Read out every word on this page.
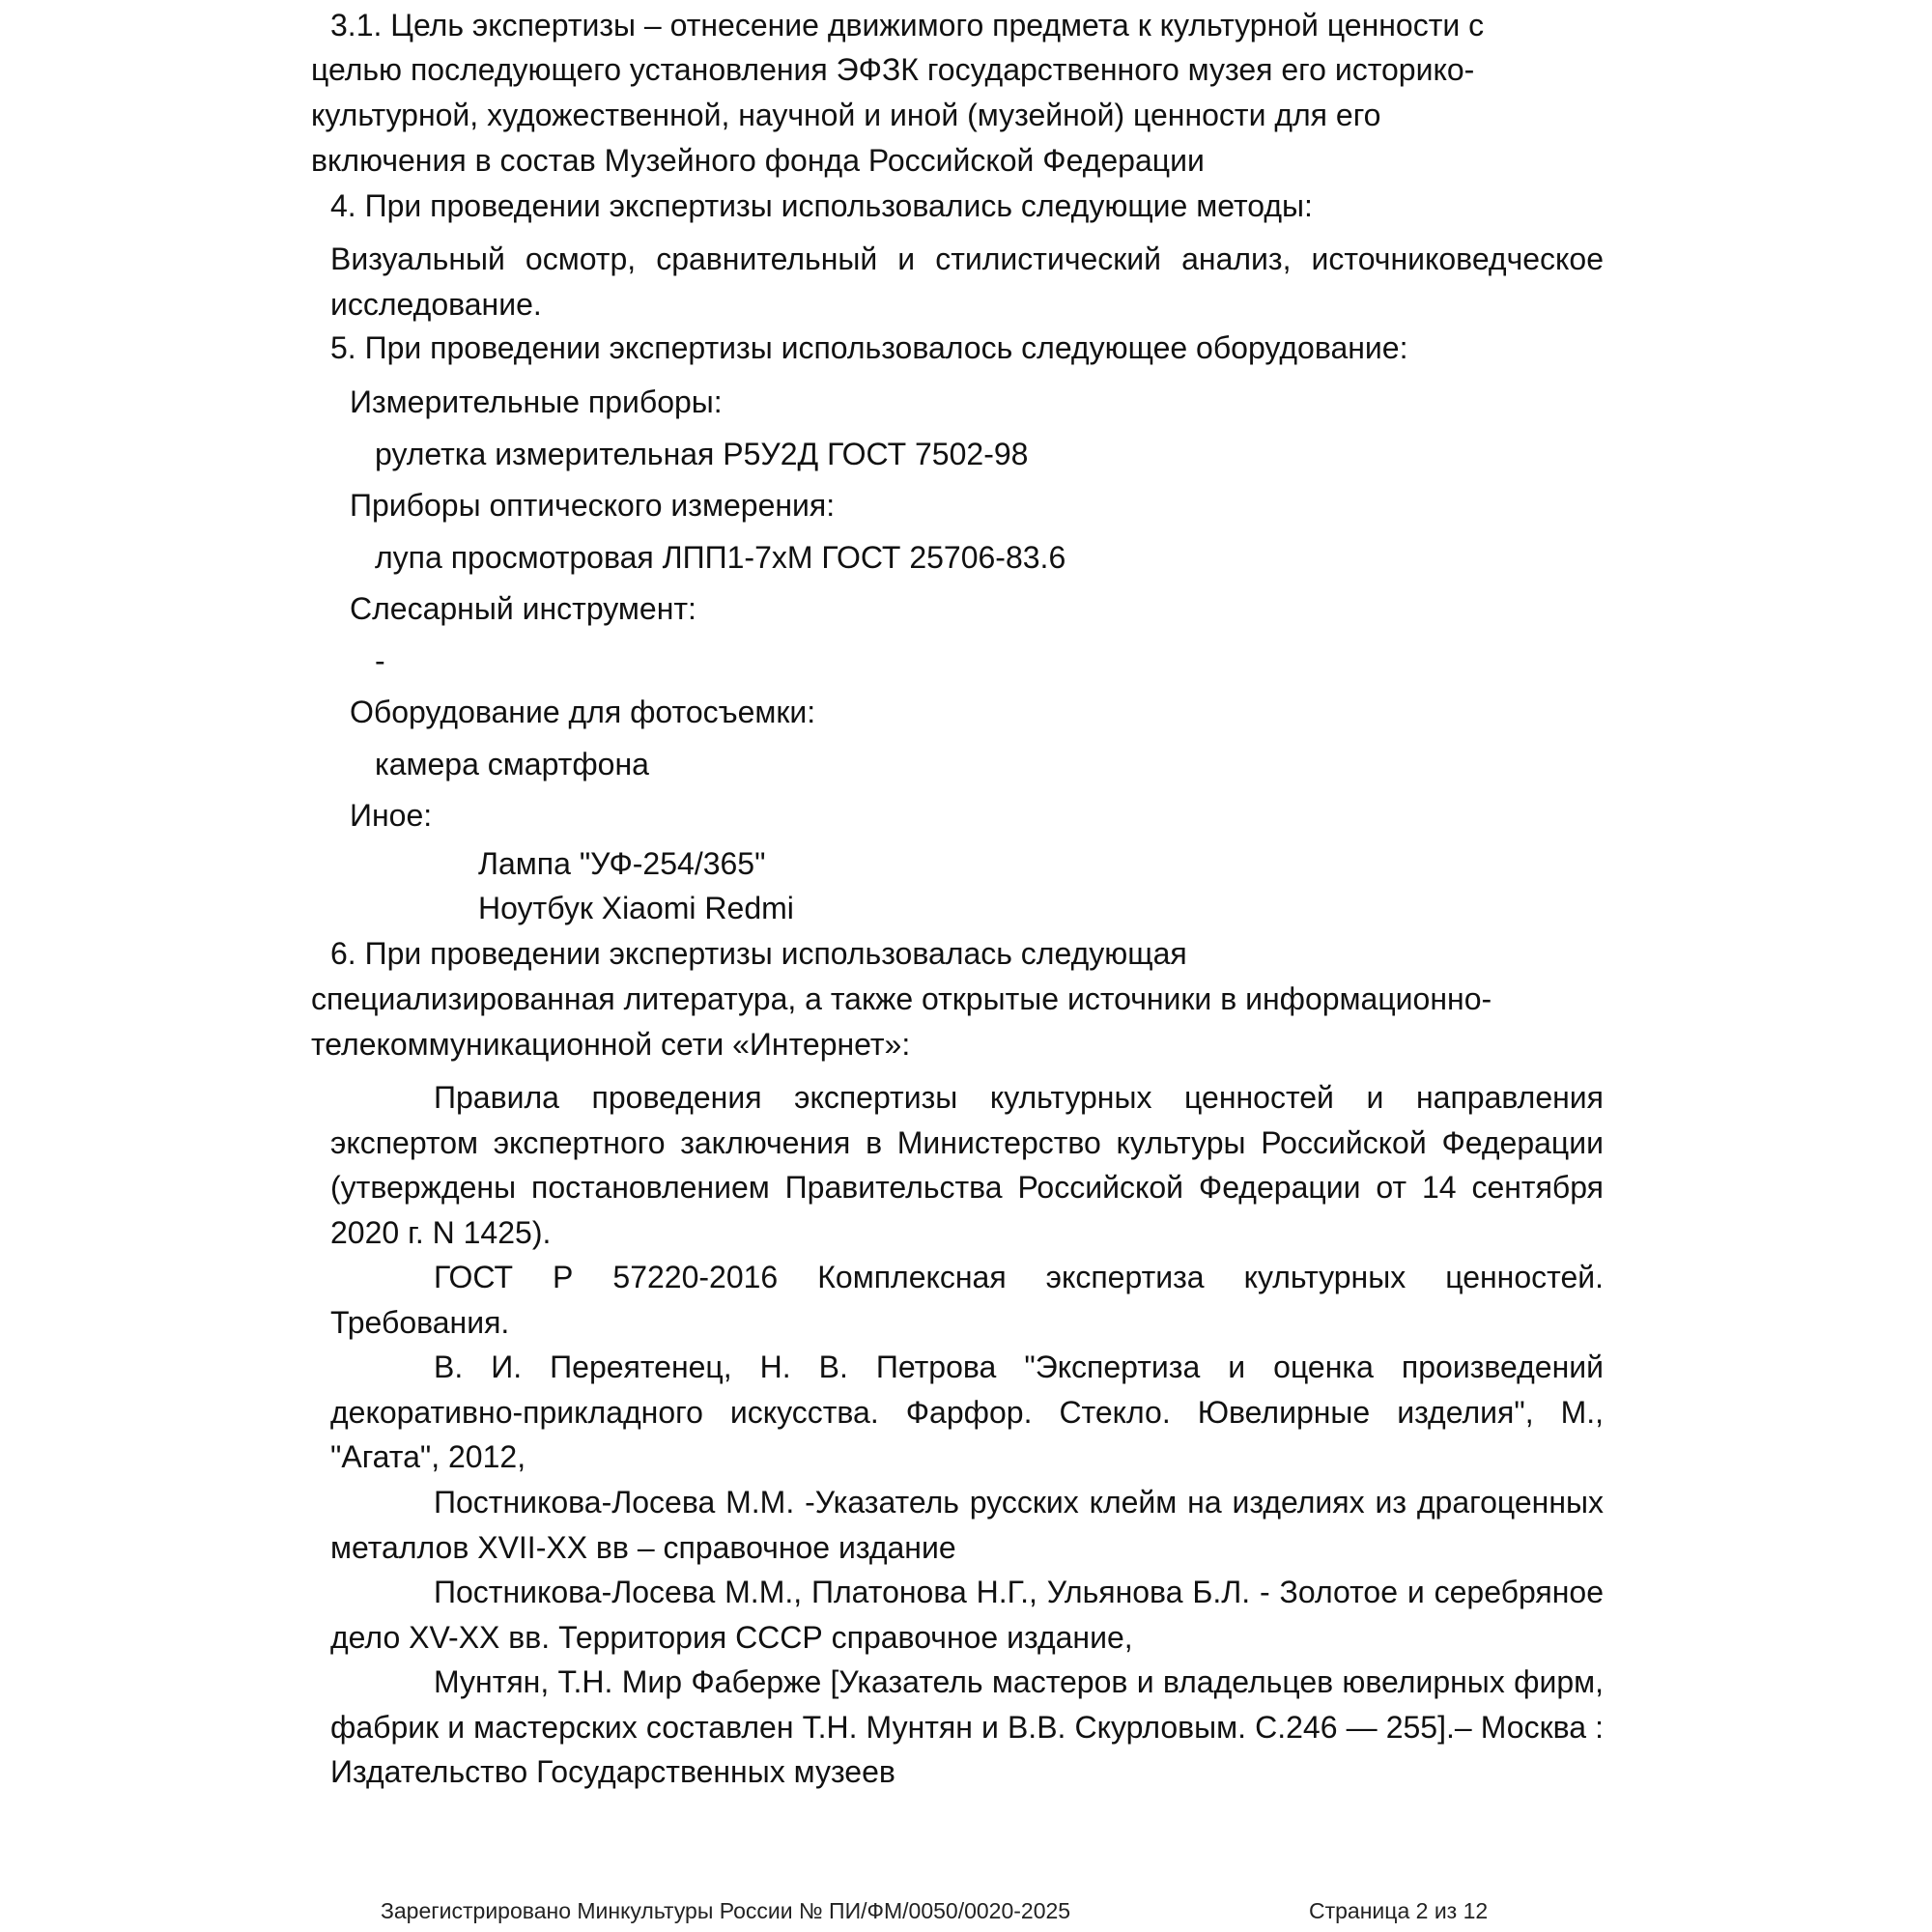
3.1. Цель экспертизы – отнесение движимого предмета к культурной ценности с

целью последующего установления ЭФЗК государственного музея его историко-

культурной, художественной, научной и иной (музейной) ценности для его

включения в состав Музейного фонда Российской Федерации

4. При проведении экспертизы использовались следующие методы:

Визуальный осмотр, сравнительный и стилистический анализ, источниковедческое исследование.

5. При проведении экспертизы использовалось следующее оборудование:

Измерительные приборы:

рулетка измерительная Р5У2Д ГОСТ 7502-98

Приборы оптического измерения:

лупа просмотровая ЛПП1-7хМ ГОСТ 25706-83.6

Слесарный инструмент:

-

Оборудование для фотосъемки:

камера смартфона

Иное:

Лампа "УФ-254/365"

Ноутбук Xiaomi Redmi

6. При проведении экспертизы использовалась следующая

специализированная литература, а также открытые источники в информационно-

телекоммуникационной сети «Интернет»:

Правила проведения экспертизы культурных ценностей и направления экспертом экспертного заключения в Министерство культуры Российской Федерации (утверждены постановлением Правительства Российской Федерации от 14 сентября 2020 г. N 1425).

ГОСТ Р 57220-2016 Комплексная экспертиза культурных ценностей. Требования.

В. И. Переятенец, Н. В. Петрова "Экспертиза и оценка произведений декоративно-прикладного искусства. Фарфор. Стекло. Ювелирные изделия", М., "Агата", 2012,

Постникова-Лосева М.М. -Указатель русских клейм на изделиях из драгоценных металлов XVII-XX вв – справочное издание

Постникова-Лосева М.М., Платонова Н.Г., Ульянова Б.Л. - Золотое и серебряное дело XV-XX вв. Территория СССР справочное издание,

Мунтян, Т.Н. Мир Фаберже [Указатель мастеров и владельцев ювелирных фирм, фабрик и мастерских составлен Т.Н. Мунтян и В.В. Скурловым. С.246 — 255].– Москва : Издательство Государственных музеев

Зарегистрировано Минкультуры России № ПИ/ФМ/0050/0020-2025	Страница 2 из 12
